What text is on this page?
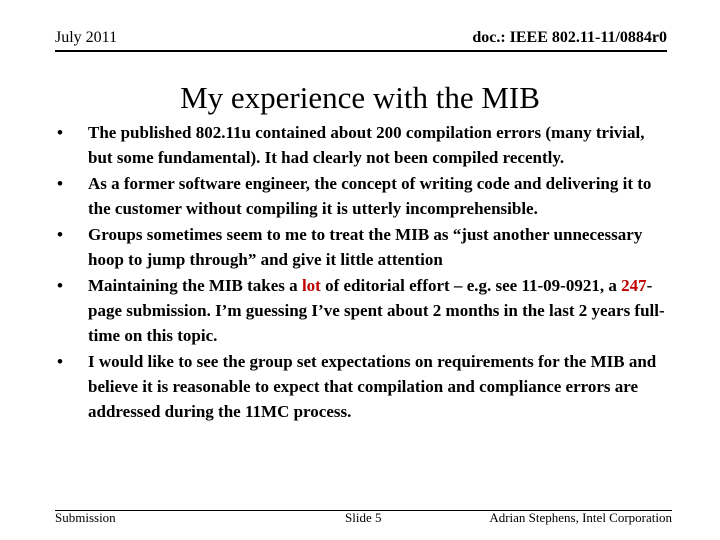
July 2011	doc.: IEEE 802.11-11/0884r0
My experience with the MIB
• The published 802.11u contained about 200 compilation errors (many trivial, but some fundamental). It had clearly not been compiled recently.
• As a former software engineer, the concept of writing code and delivering it to the customer without compiling it is utterly incomprehensible.
• Groups sometimes seem to me to treat the MIB as “just another unnecessary hoop to jump through” and give it little attention
• Maintaining the MIB takes a lot of editorial effort – e.g. see 11-09-0921, a 247-page submission. I’m guessing I’ve spent about 2 months in the last 2 years full-time on this topic.
• I would like to see the group set expectations on requirements for the MIB and believe it is reasonable to expect that compilation and compliance errors are addressed during the 11MC process.
Submission	Slide 5	Adrian Stephens, Intel Corporation
